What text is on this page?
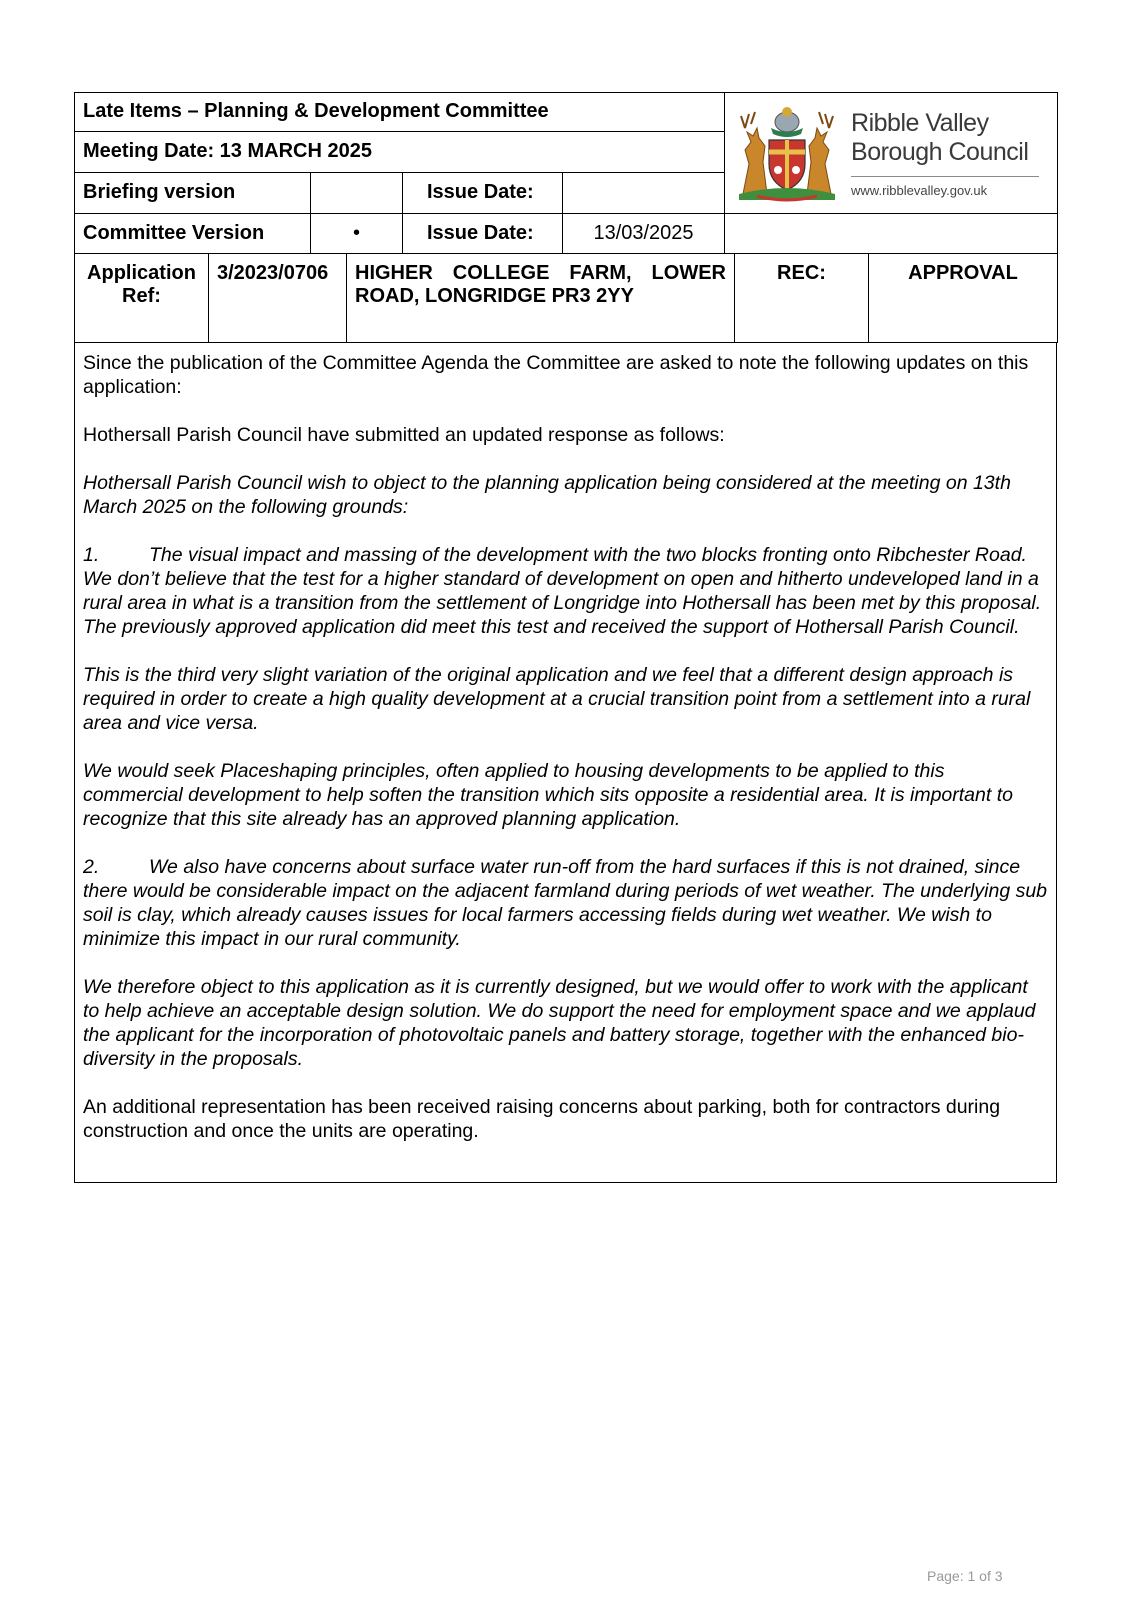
Late Items – Planning & Development Committee				Ribble Valley
Borough Council
www.ribblevalley.gov.uk

Meeting Date: 13 MARCH 2025				
Briefing version		Issue Date:		
Committee Version	•	Issue Date:	13/03/2025	
Application Ref:	3/2023/0706	HIGHER COLLEGE FARM, LOWER ROAD, LONGRIDGE PR3 2YY	REC:	APPROVAL

Since the publication of the Committee Agenda the Committee are asked to note the following updates on this application:

Hothersall Parish Council have submitted an updated response as follows:

Hothersall Parish Council wish to object to the planning application being considered at the meeting on 13th March 2025 on the following grounds:

1.	The visual impact and massing of the development with the two blocks fronting onto Ribchester Road. We don’t believe that the test for a higher standard of development on open and hitherto undeveloped land in a rural area in what is a transition from the settlement of Longridge into Hothersall has been met by this proposal. The previously approved application did meet this test and received the support of Hothersall Parish Council.

This is the third very slight variation of the original application and we feel that a different design approach is required in order to create a high quality development at a crucial transition point from a settlement into a rural area and vice versa.

We would seek Placeshaping principles, often applied to housing developments to be applied to this commercial development to help soften the transition which sits opposite a residential area. It is important to recognize that this site already has an approved planning application.

2.	We also have concerns about surface water run-off from the hard surfaces if this is not drained, since there would be considerable impact on the adjacent farmland during periods of wet weather. The underlying sub soil is clay, which already causes issues for local farmers accessing fields during wet weather. We wish to minimize this impact in our rural community.

We therefore object to this application as it is currently designed, but we would offer to work with the applicant to help achieve an acceptable design solution. We do support the need for employment space and we applaud the applicant for the incorporation of photovoltaic panels and battery storage, together with the enhanced bio-diversity in the proposals.

An additional representation has been received raising concerns about parking, both for contractors during construction and once the units are operating.

Page: 1 of 3
